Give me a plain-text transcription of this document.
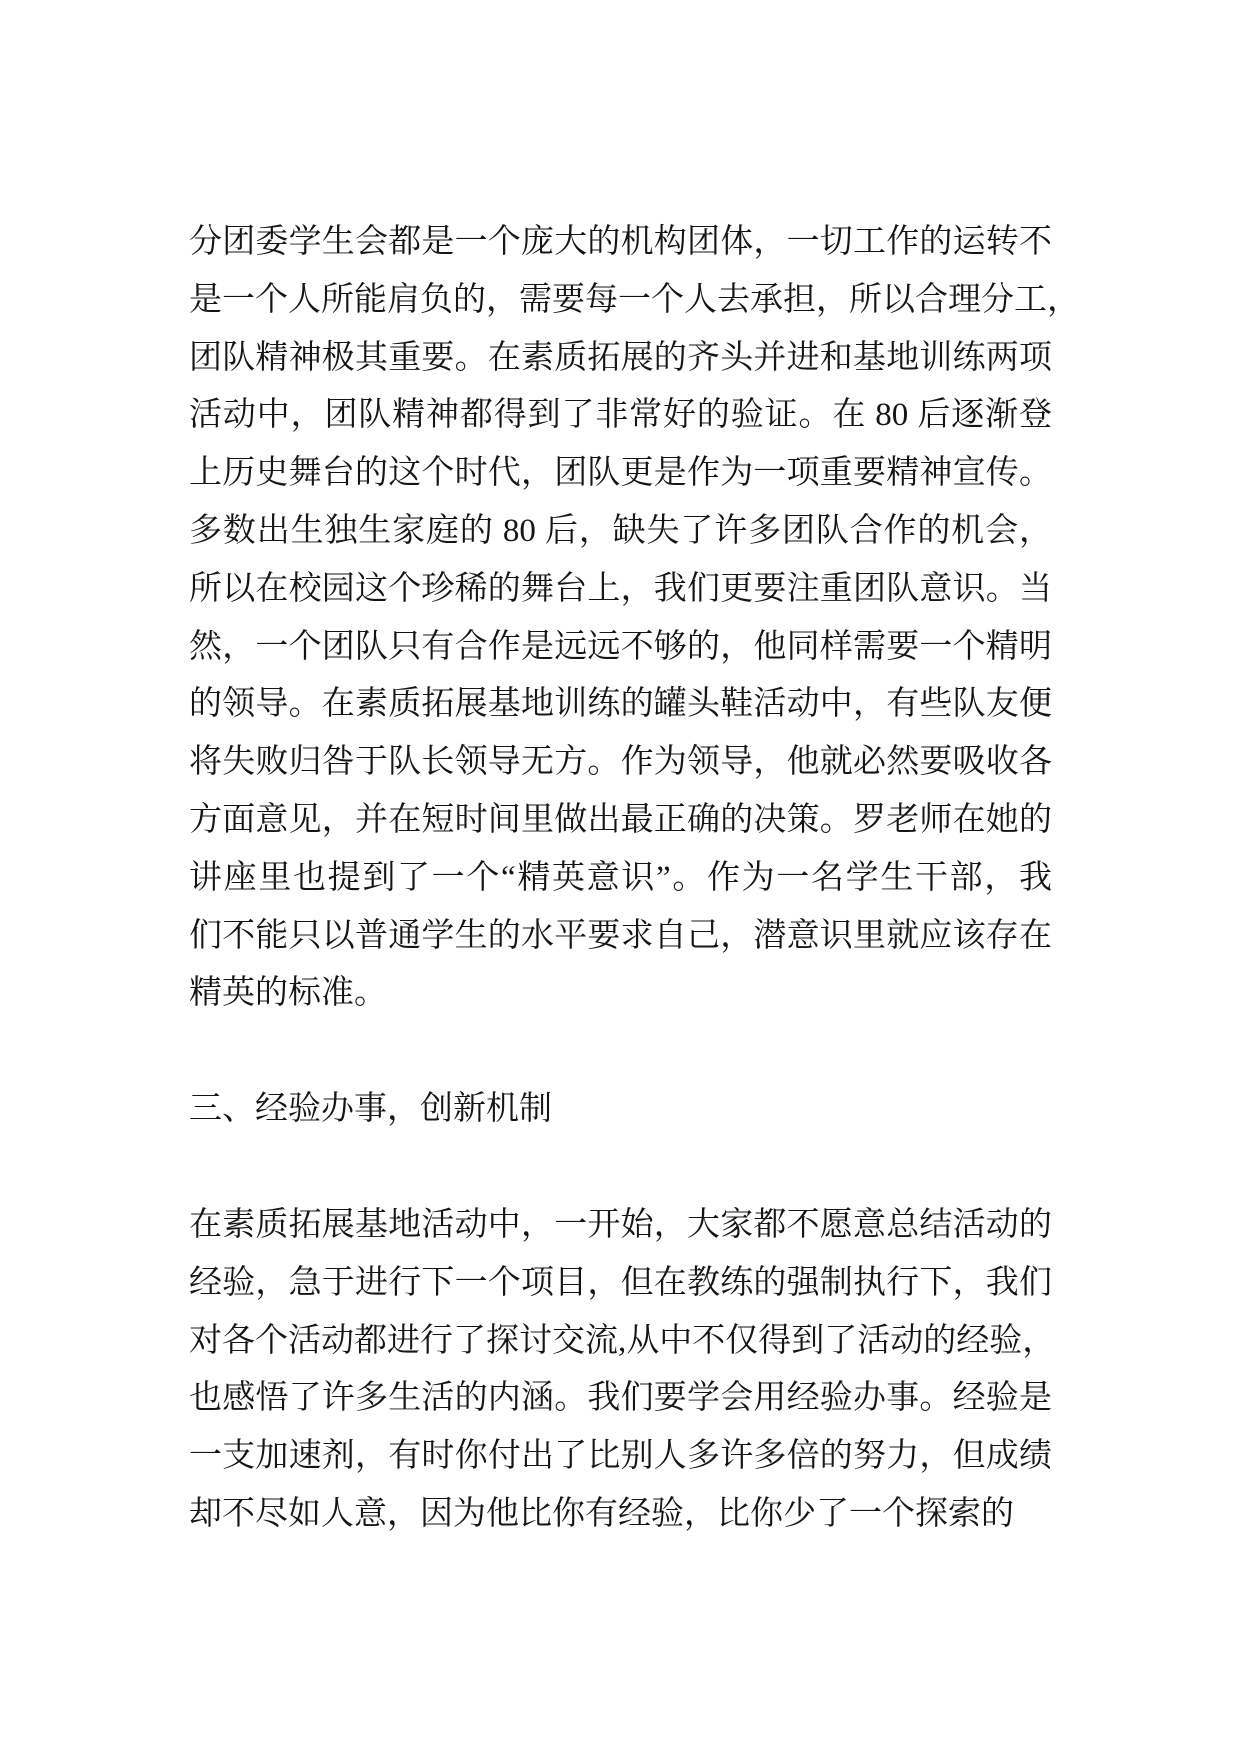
分团委学生会都是一个庞大的机构团体，一切工作的运转不
是一个人所能肩负的，需要每一个人去承担，所以合理分工，
团队精神极其重要。在素质拓展的齐头并进和基地训练两项
活动中，团队精神都得到了非常好的验证。在 80 后逐渐登
上历史舞台的这个时代，团队更是作为一项重要精神宣传。
多数出生独生家庭的 80 后，缺失了许多团队合作的机会，
所以在校园这个珍稀的舞台上，我们更要注重团队意识。当
然，一个团队只有合作是远远不够的，他同样需要一个精明
的领导。在素质拓展基地训练的罐头鞋活动中，有些队友便
将失败归咎于队长领导无方。作为领导，他就必然要吸收各
方面意见，并在短时间里做出最正确的决策。罗老师在她的
讲座里也提到了一个“精英意识”。作为一名学生干部，我
们不能只以普通学生的水平要求自己，潜意识里就应该存在
精英的标准。
三、经验办事，创新机制
在素质拓展基地活动中，一开始，大家都不愿意总结活动的
经验，急于进行下一个项目，但在教练的强制执行下，我们
对各个活动都进行了探讨交流,从中不仅得到了活动的经验，
也感悟了许多生活的内涵。我们要学会用经验办事。经验是
一支加速剂，有时你付出了比别人多许多倍的努力，但成绩
却不尽如人意，因为他比你有经验，比你少了一个探索的
